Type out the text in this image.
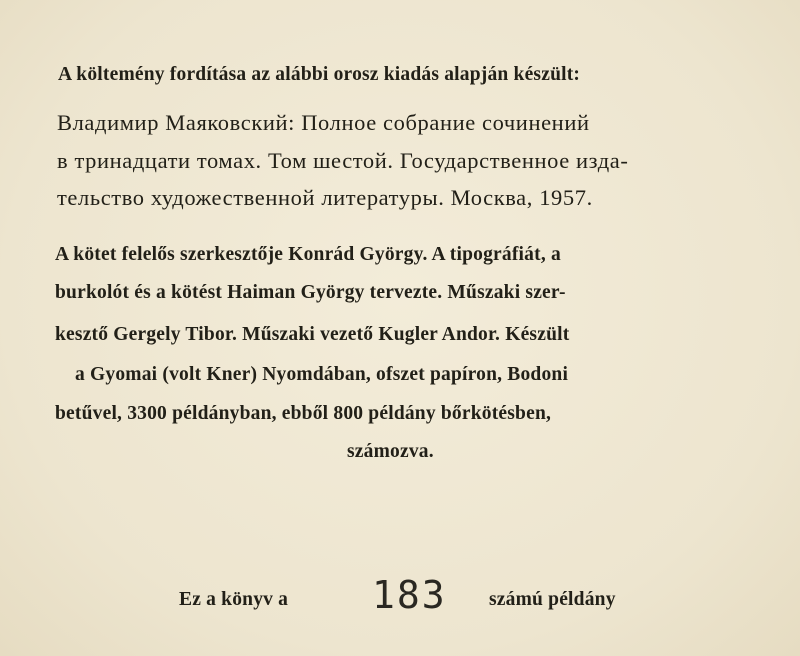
A költemény fordítása az alábbi orosz kiadás alapján készült:
Владимир Маяковский: Полное собрание сочинений
в тринадцати томах. Том шестой. Государственное изда-
тельство художественной литературы. Москва, 1957.
A kötet felelős szerkesztője Konrád György. A tipográfiát, a
burkolót és a kötést Haiman György tervezte. Műszaki szer-
kesztő Gergely Tibor. Műszaki vezető Kugler Andor. Készült
a Gyomai (volt Kner) Nyomdában, ofszet papíron, Bodoni
betűvel, 3300 példányban, ebből 800 példány bőrkötésben,
számozva.
Ez a könyv a 183 számú példány
